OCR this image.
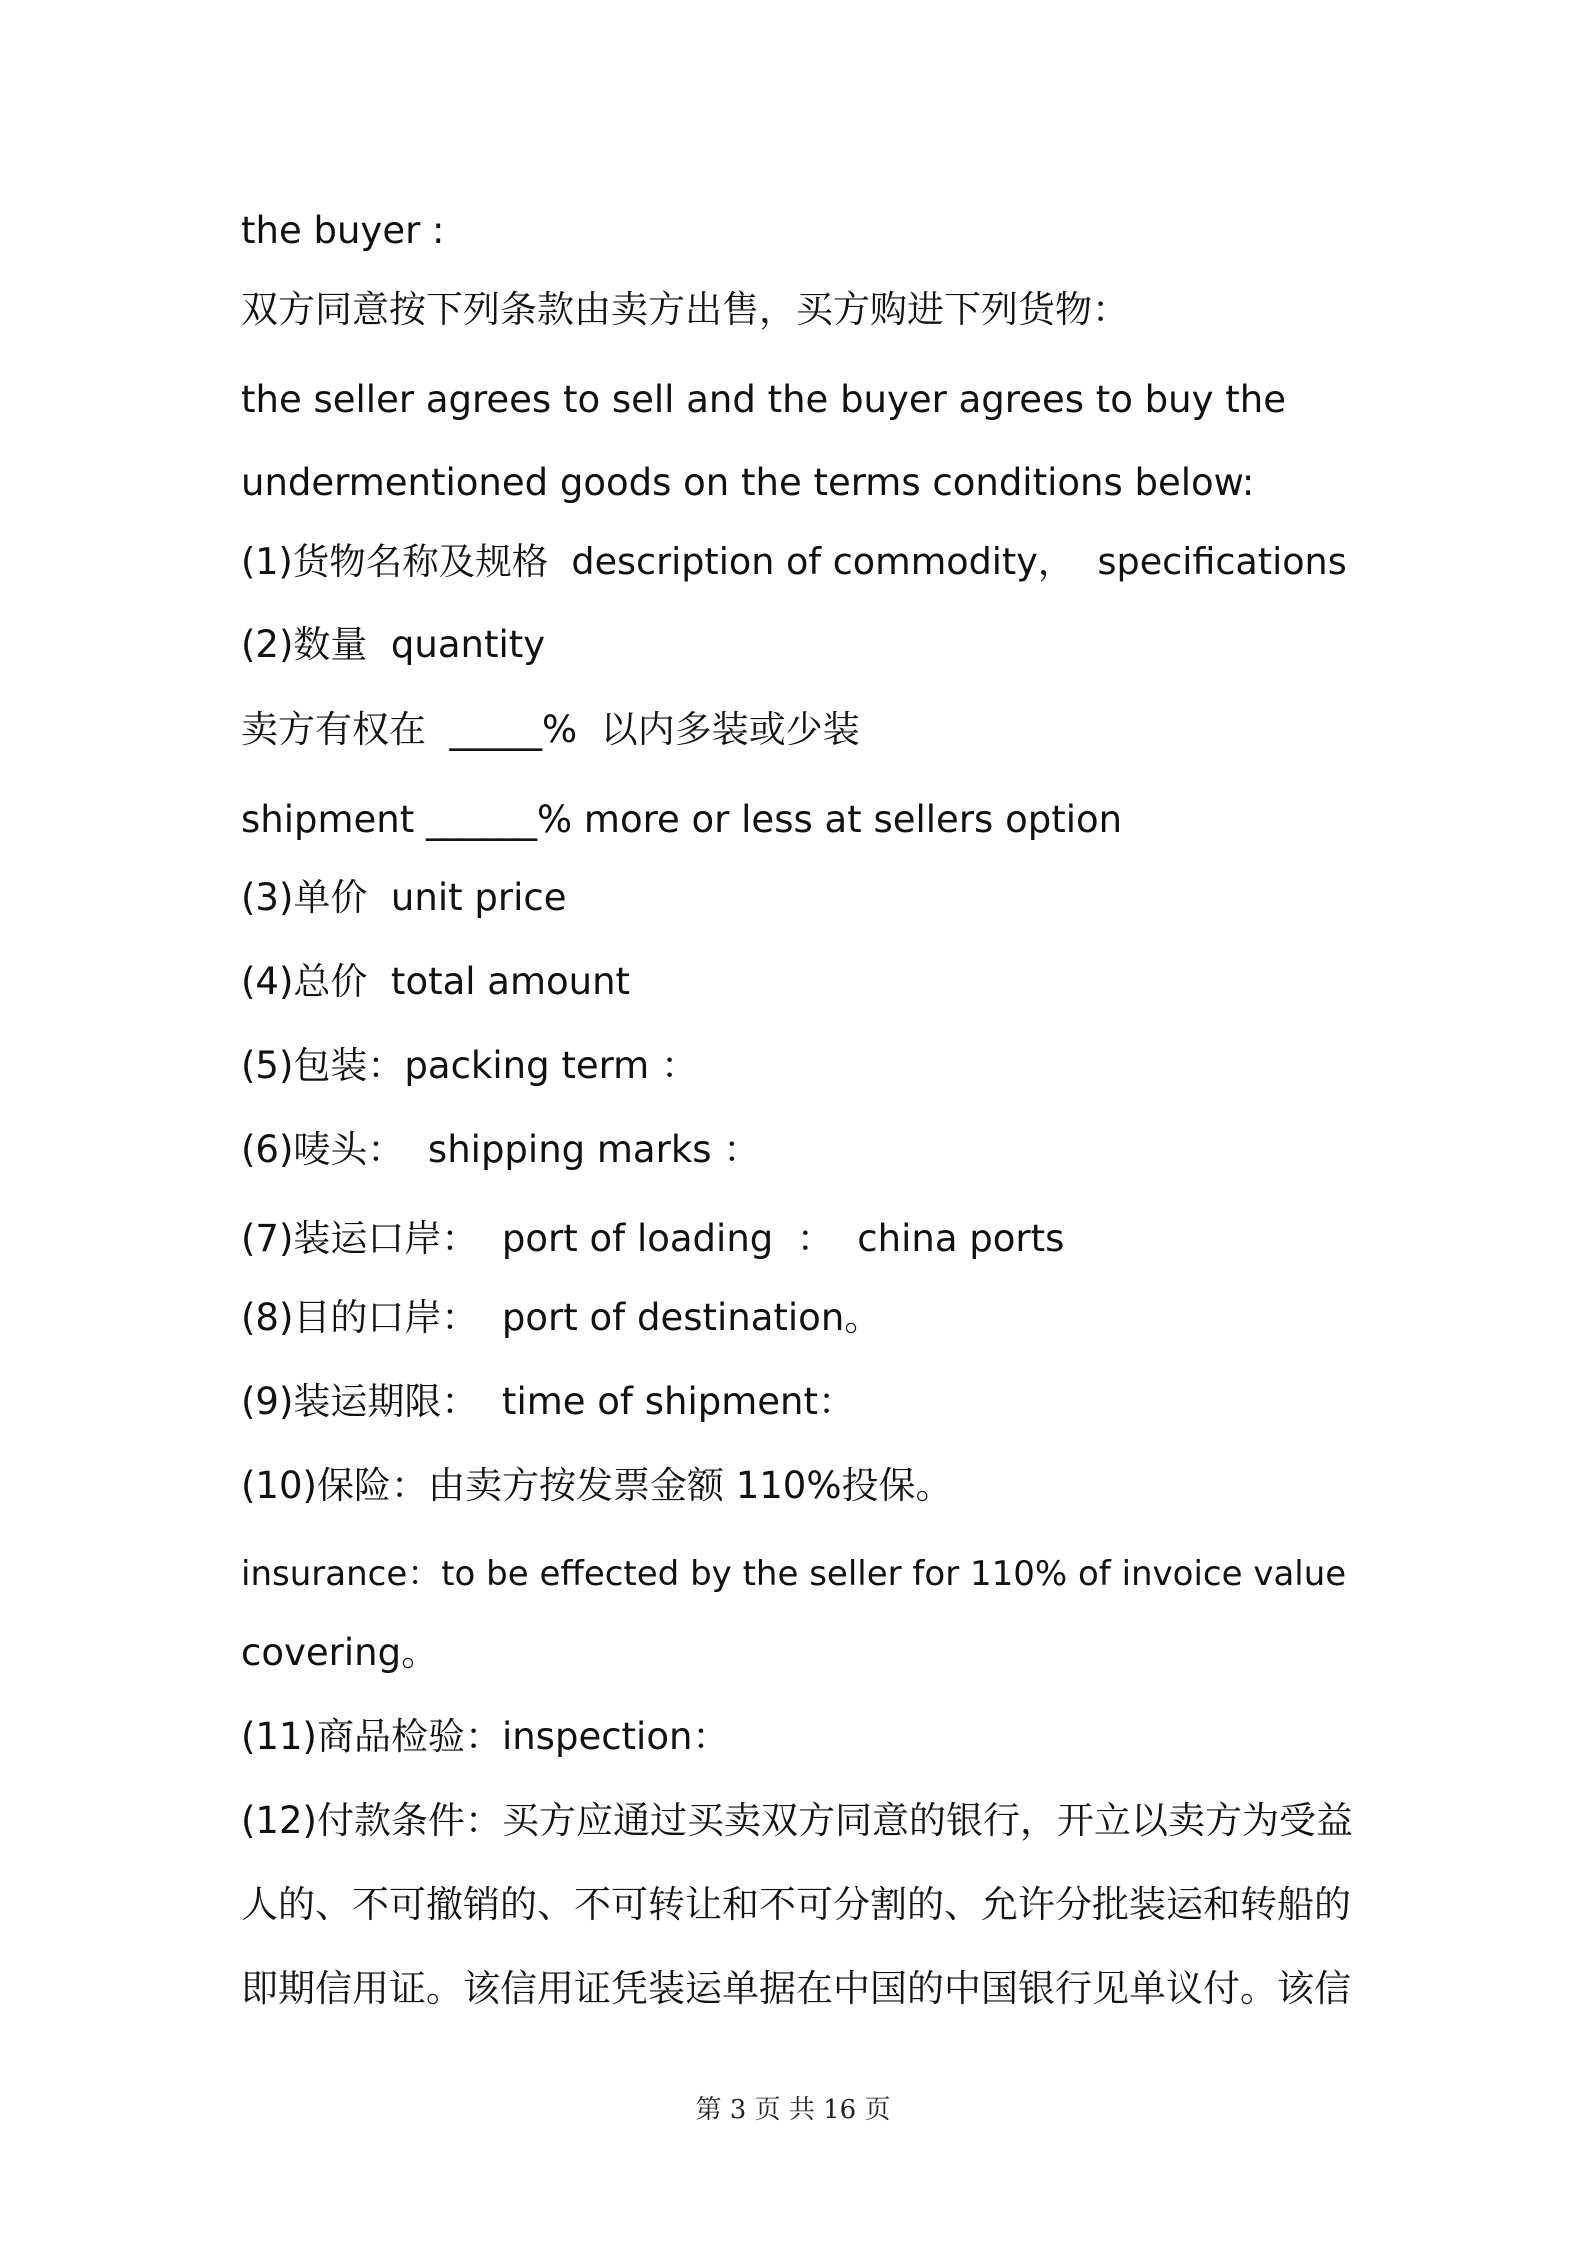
the buyer :
双方同意按下列条款由卖方出售，买方购进下列货物：
the seller agrees to sell and the buyer agrees to buy the
undermentioned goods on the terms conditions below:
(1)货物名称及规格  description of commodity，  specifications
(2)数量  quantity
卖方有权在  _____%  以内多装或少装
shipment ______% more or less at sellers option
(3)单价  unit price
(4)总价  total amount
(5)包装：packing term ：
(6)唛头：  shipping marks ：
(7)装运口岸：  port of loading  ：  china ports
(8)目的口岸：  port of destination。
(9)装运期限：  time of shipment：
(10)保险：由卖方按发票金额 110%投保。
insurance：to be effected by the seller for 110% of invoice value
covering。
(11)商品检验：inspection：
(12)付款条件：买方应通过买卖双方同意的银行，开立以卖方为受益
人的、不可撤销的、不可转让和不可分割的、允许分批装运和转船的
即期信用证。该信用证凭装运单据在中国的中国银行见单议付。该信
第 3 页 共 16 页
